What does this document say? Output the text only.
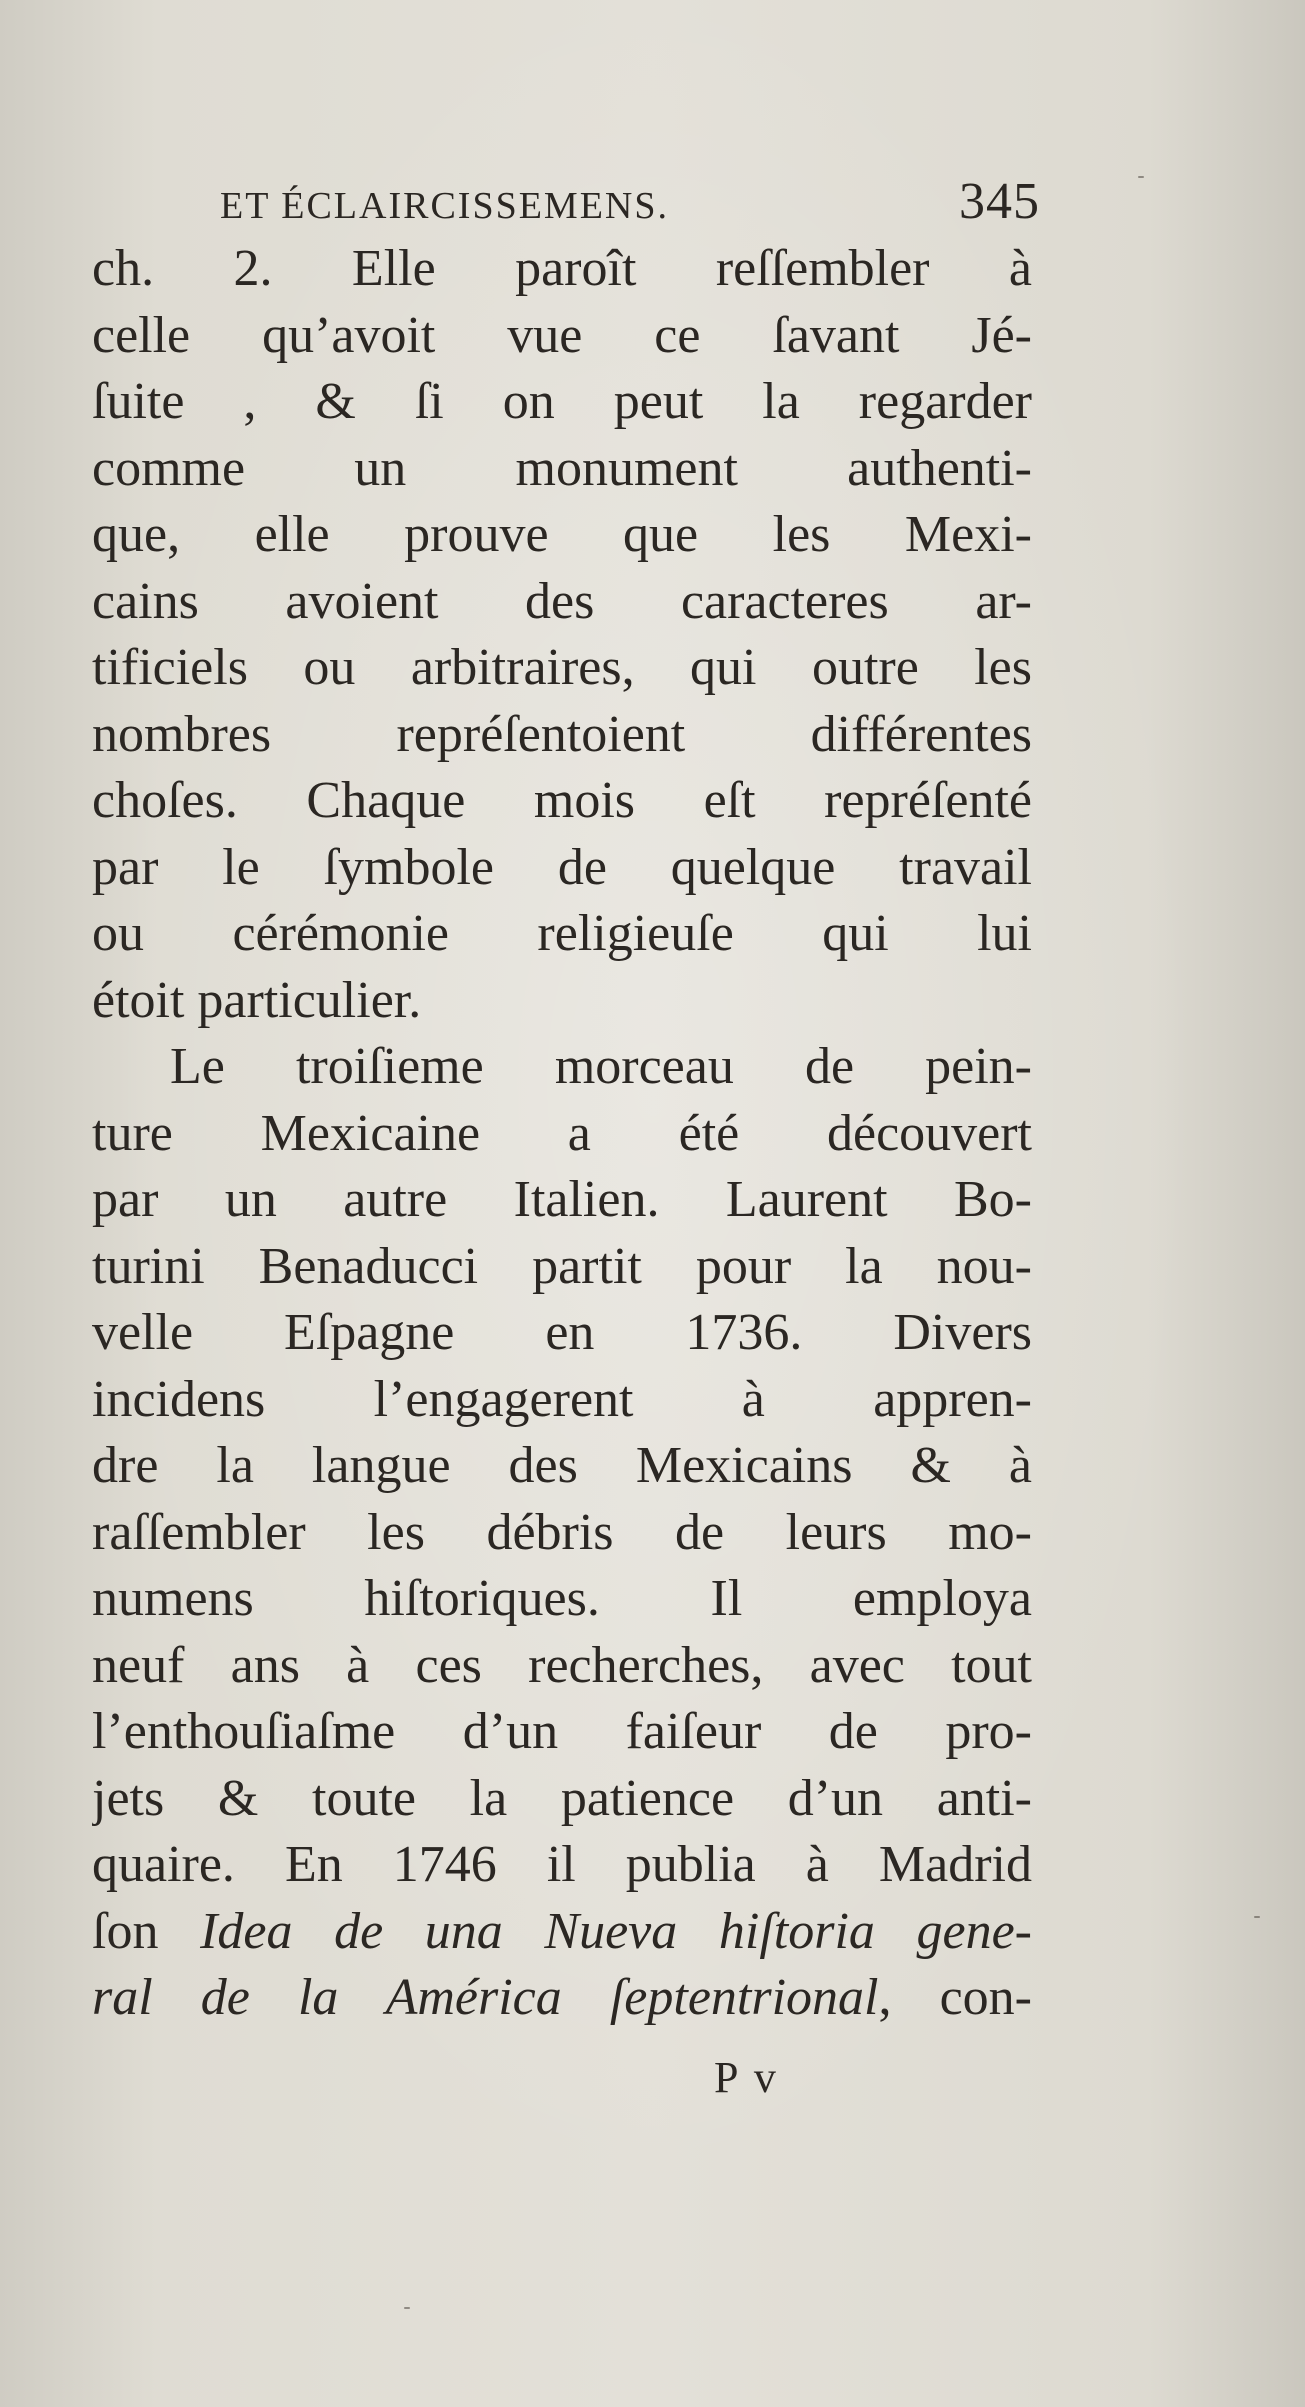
ET ÉCLAIRCISSEMENS.	345
ch. 2. Elle paroît reſſembler à
celle qu’avoit vue ce ſavant Jé-
ſuite , & ſi on peut la regarder
comme un monument authenti-
que, elle prouve que les Mexi-
cains avoient des caracteres ar-
tificiels ou arbitraires, qui outre les
nombres repréſentoient différentes
choſes. Chaque mois eſt repréſenté
par le ſymbole de quelque travail
ou cérémonie religieuſe qui lui
étoit particulier.
Le troiſieme morceau de pein-
ture Mexicaine a été découvert
par un autre Italien. Laurent Bo-
turini Benaducci partit pour la nou-
velle Eſpagne en 1736. Divers
incidens l’engagerent à appren-
dre la langue des Mexicains & à
raſſembler les débris de leurs mo-
numens hiſtoriques. Il employa
neuf ans à ces recherches, avec tout
l’enthouſiaſme d’un faiſeur de pro-
jets & toute la patience d’un anti-
quaire. En 1746 il publia à Madrid
ſon Idea de una Nueva hiſtoria gene-
ral de la América ſeptentrional, con-
P v
